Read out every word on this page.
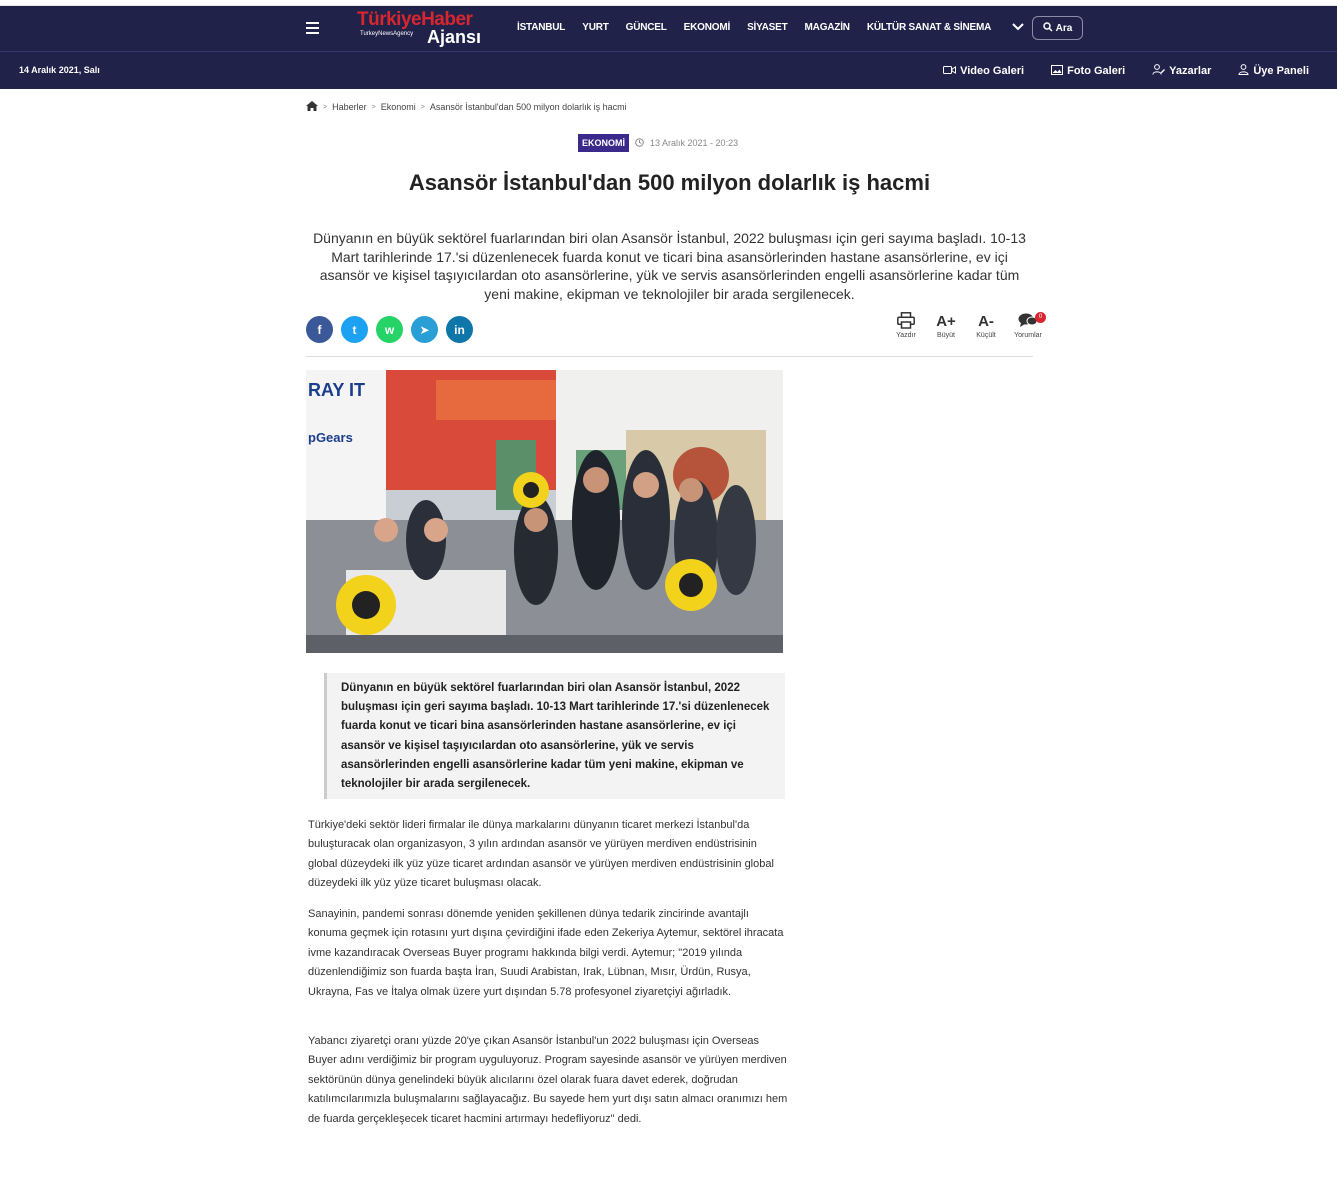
TürkiyeHaber
TurkeyNewsAgency Ajansı	İSTANBUL YURT GÜNCEL EKONOMİ SİYASET MAGAZİN KÜLTÜR SANAT & SİNEMA	Ara
14 Aralık 2021, Salı	Video Galeri	Foto Galeri	Yazarlar	Üye Paneli
> Haberler > Ekonomi > Asansör İstanbul'dan 500 milyon dolarlık iş hacmi
EKONOMİ	13 Aralık 2021 - 20:23
Asansör İstanbul'dan 500 milyon dolarlık iş hacmi
Dünyanın en büyük sektörel fuarlarından biri olan Asansör İstanbul, 2022 buluşması için geri sayıma başladı. 10-13 Mart tarihlerinde 17.'si düzenlenecek fuarda konut ve ticari bina asansörlerinden hastane asansörlerine, ev içi asansör ve kişisel taşıyıcılardan oto asansörlerine, yük ve servis asansörlerinden engelli asansörlerine kadar tüm yeni makine, ekipman ve teknolojiler bir arada sergilenecek.
f	t	w	➤	in	Yazdır
A+
Büyüt
A-
Küçült
0
Yorumlar
RAY IT
pGears
Dünyanın en büyük sektörel fuarlarından biri olan Asansör İstanbul, 2022 buluşması için geri sayıma başladı. 10-13 Mart tarihlerinde 17.'si düzenlenecek fuarda konut ve ticari bina asansörlerinden hastane asansörlerine, ev içi asansör ve kişisel taşıyıcılardan oto asansörlerine, yük ve servis asansörlerinden engelli asansörlerine kadar tüm yeni makine, ekipman ve teknolojiler bir arada sergilenecek.
Türkiye'deki sektör lideri firmalar ile dünya markalarını dünyanın ticaret merkezi İstanbul'da buluşturacak olan organizasyon, 3 yılın ardından asansör ve yürüyen merdiven endüstrisinin global düzeydeki ilk yüz yüze ticaret ardından asansör ve yürüyen merdiven endüstrisinin global düzeydeki ilk yüz yüze ticaret buluşması olacak.
Sanayinin, pandemi sonrası dönemde yeniden şekillenen dünya tedarik zincirinde avantajlı konuma geçmek için rotasını yurt dışına çevirdiğini ifade eden Zekeriya Aytemur, sektörel ihracata ivme kazandıracak Overseas Buyer programı hakkında bilgi verdi. Aytemur; "2019 yılında düzenlendiğimiz son fuarda başta İran, Suudi Arabistan, Irak, Lübnan, Mısır, Ürdün, Rusya, Ukrayna, Fas ve İtalya olmak üzere yurt dışından 5.78 profesyonel ziyaretçiyi ağırladık.
Yabancı ziyaretçi oranı yüzde 20'ye çıkan Asansör İstanbul'un 2022 buluşması için Overseas Buyer adını verdiğimiz bir program uyguluyoruz. Program sayesinde asansör ve yürüyen merdiven sektörünün dünya genelindeki büyük alıcılarını özel olarak fuara davet ederek, doğrudan katılımcılarımızla buluşmalarını sağlayacağız. Bu sayede hem yurt dışı satın almacı oranımızı hem de fuarda gerçekleşecek ticaret hacmini artırmayı hedefliyoruz" dedi.
